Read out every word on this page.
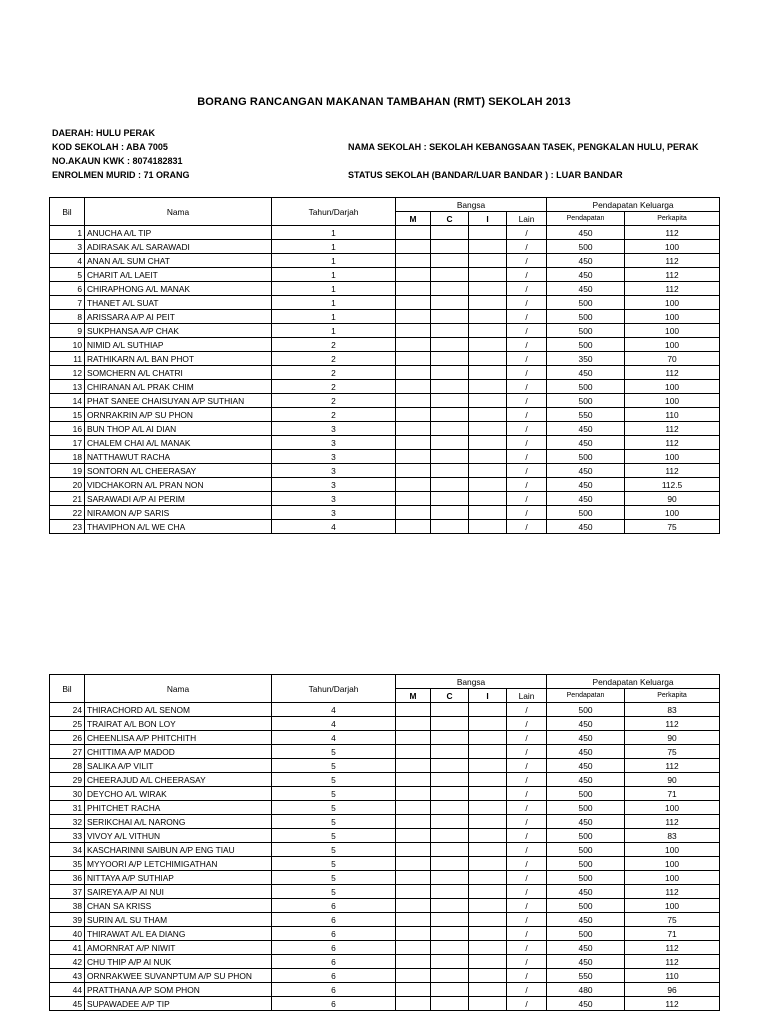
BORANG RANCANGAN MAKANAN TAMBAHAN (RMT) SEKOLAH 2013
DAERAH: HULU PERAK
KOD SEKOLAH : ABA 7005
NO.AKAUN KWK : 8074182831
ENROLMEN MURID : 71 ORANG
NAMA SEKOLAH : SEKOLAH KEBANGSAAN TASEK, PENGKALAN HULU, PERAK
STATUS SEKOLAH (BANDAR/LUAR BANDAR ) : LUAR BANDAR
Bil	Nama	Tahun/Darjah	Bangsa				Pendapatan Keluarga	
			M	C	I	Lain	Pendapatan	Perkapita
1	ANUCHA A/L TIP	1				/	450	112
3	ADIRASAK A/L SARAWADI	1				/	500	100
4	ANAN A/L SUM CHAT	1				/	450	112
5	CHARIT A/L LAEIT	1				/	450	112
6	CHIRAPHONG A/L MANAK	1				/	450	112
7	THANET A/L SUAT	1				/	500	100
8	ARISSARA A/P AI PEIT	1				/	500	100
9	SUKPHANSA A/P CHAK	1				/	500	100
10	NIMID A/L SUTHIAP	2				/	500	100
11	RATHIKARN A/L BAN PHOT	2				/	350	70
12	SOMCHERN A/L CHATRI	2				/	450	112
13	CHIRANAN A/L PRAK CHIM	2				/	500	100
14	PHAT SANEE CHAISUYAN A/P SUTHIAN	2				/	500	100
15	ORNRAKRIN A/P SU PHON	2				/	550	110
16	BUN THOP A/L AI DIAN	3				/	450	112
17	CHALEM CHAI A/L MANAK	3				/	450	112
18	NATTHAWUT RACHA	3				/	500	100
19	SONTORN A/L CHEERASAY	3				/	450	112
20	VIDCHAKORN A/L PRAN NON	3				/	450	112.5
21	SARAWADI A/P AI PERIM	3				/	450	90
22	NIRAMON A/P SARIS	3				/	500	100
23	THAVIPHON A/L WE CHA	4				/	450	75
Bil	Nama	Tahun/Darjah	Bangsa				Pendapatan Keluarga	
			M	C	I	Lain	Pendapatan	Perkapita
24	THIRACHORD A/L SENOM	4				/	500	83
25	TRAIRAT A/L BON LOY	4				/	450	112
26	CHEENLISA A/P PHITCHITH	4				/	450	90
27	CHITTIMA A/P MADOD	5				/	450	75
28	SALIKA A/P VILIT	5				/	450	112
29	CHEERAJUD A/L CHEERASAY	5				/	450	90
30	DEYCHO A/L WIRAK	5				/	500	71
31	PHITCHET RACHA	5				/	500	100
32	SERIKCHAI A/L NARONG	5				/	450	112
33	VIVOY A/L VITHUN	5				/	500	83
34	KASCHARINNI SAIBUN A/P ENG TIAU	5				/	500	100
35	MYYOORI A/P LETCHIMIGATHAN	5				/	500	100
36	NITTAYA A/P SUTHIAP	5				/	500	100
37	SAIREYA A/P AI NUI	5				/	450	112
38	CHAN SA KRISS	6				/	500	100
39	SURIN A/L SU THAM	6				/	450	75
40	THIRAWAT A/L EA DIANG	6				/	500	71
41	AMORNRAT A/P NIWIT	6				/	450	112
42	CHU THIP A/P AI NUK	6				/	450	112
43	ORNRAKWEE SUVANPTUM A/P SU PHON	6				/	550	110
44	PRATTHANA A/P SOM PHON	6				/	480	96
45	SUPAWADEE A/P TIP	6				/	450	112
